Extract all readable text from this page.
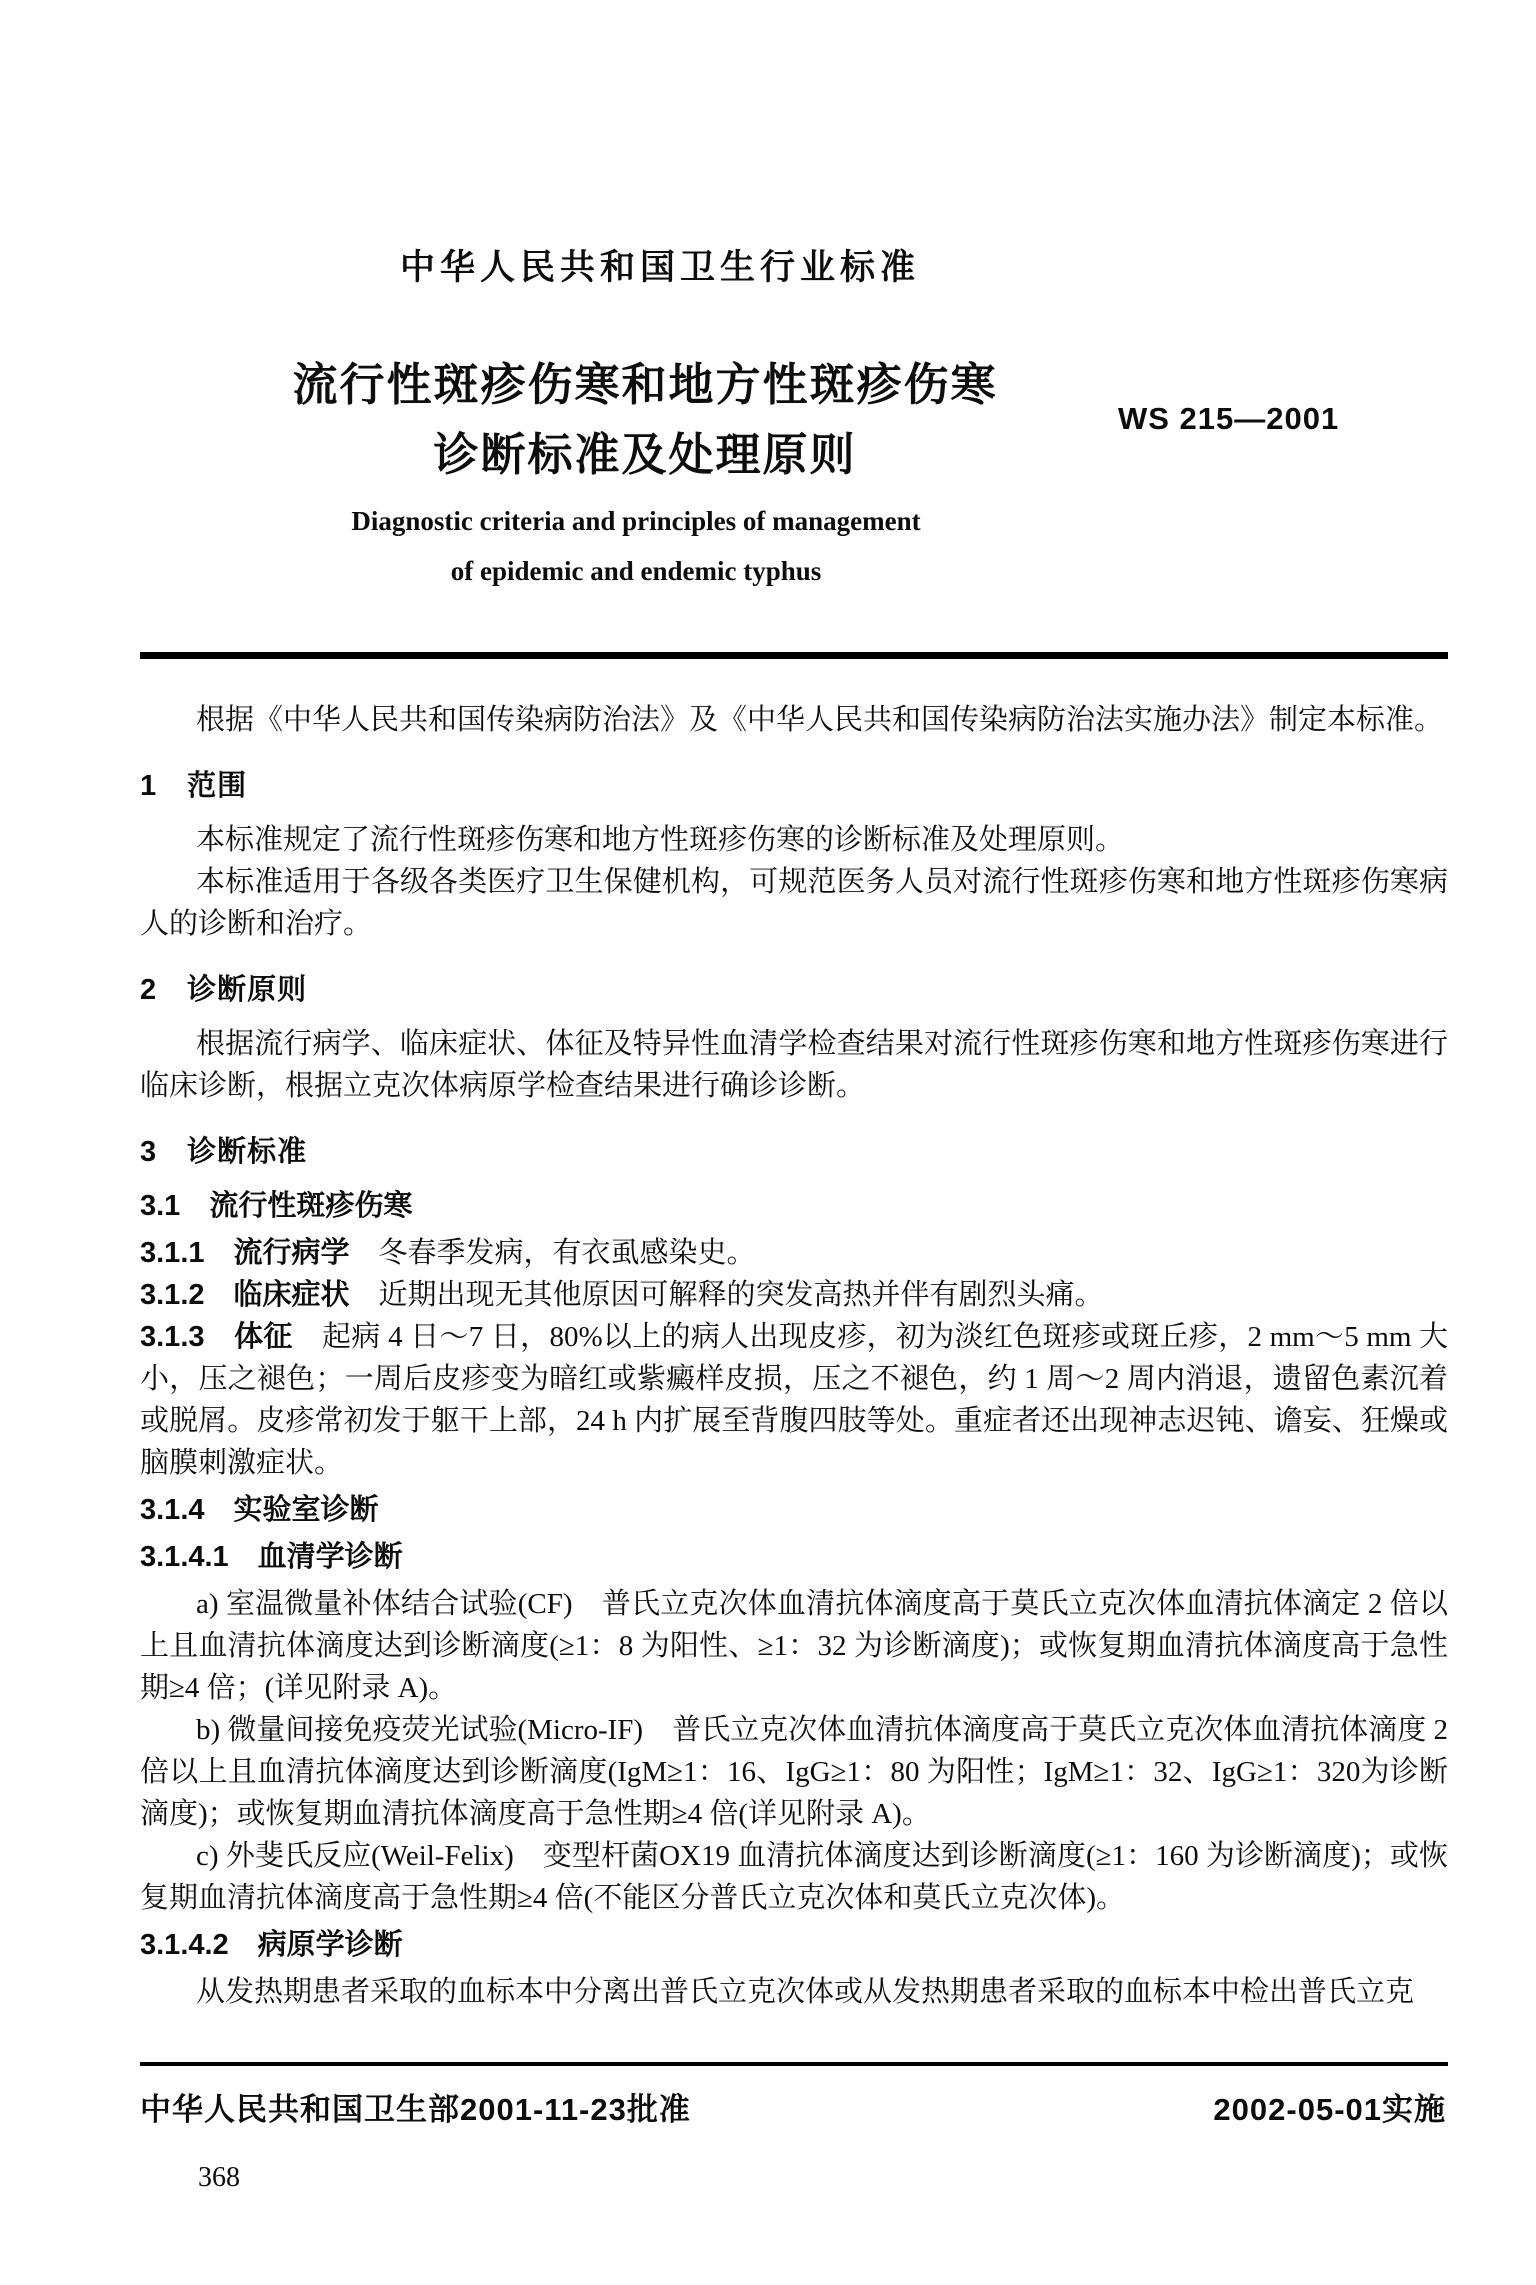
中华人民共和国卫生行业标准
流行性斑疹伤寒和地方性斑疹伤寒
诊断标准及处理原则
WS 215—2001
Diagnostic criteria and principles of management
of epidemic and endemic typhus

根据《中华人民共和国传染病防治法》及《中华人民共和国传染病防治法实施办法》制定本标准。

1　范围

本标准规定了流行性斑疹伤寒和地方性斑疹伤寒的诊断标准及处理原则。

本标准适用于各级各类医疗卫生保健机构，可规范医务人员对流行性斑疹伤寒和地方性斑疹伤寒病人的诊断和治疗。

2　诊断原则

根据流行病学、临床症状、体征及特异性血清学检查结果对流行性斑疹伤寒和地方性斑疹伤寒进行临床诊断，根据立克次体病原学检查结果进行确诊诊断。

3　诊断标准

3.1　流行性斑疹伤寒

3.1.1　流行病学　冬春季发病，有衣虱感染史。

3.1.2　临床症状　近期出现无其他原因可解释的突发高热并伴有剧烈头痛。

3.1.3　体征　起病 4 日～7 日，80%以上的病人出现皮疹，初为淡红色斑疹或斑丘疹，2 mm～5 mm 大小，压之褪色；一周后皮疹变为暗红或紫癜样皮损，压之不褪色，约 1 周～2 周内消退，遗留色素沉着或脱屑。皮疹常初发于躯干上部，24 h 内扩展至背腹四肢等处。重症者还出现神志迟钝、谵妄、狂燥或脑膜刺激症状。

3.1.4　实验室诊断

3.1.4.1　血清学诊断

a) 室温微量补体结合试验(CF)　普氏立克次体血清抗体滴度高于莫氏立克次体血清抗体滴定 2 倍以上且血清抗体滴度达到诊断滴度(≥1：8 为阳性、≥1：32 为诊断滴度)；或恢复期血清抗体滴度高于急性期≥4 倍；(详见附录 A)。

b) 微量间接免疫荧光试验(Micro-IF)　普氏立克次体血清抗体滴度高于莫氏立克次体血清抗体滴度 2 倍以上且血清抗体滴度达到诊断滴度(IgM≥1：16、IgG≥1：80 为阳性；IgM≥1：32、IgG≥1：320为诊断滴度)；或恢复期血清抗体滴度高于急性期≥4 倍(详见附录 A)。

c) 外斐氏反应(Weil-Felix)　变型杆菌OX19 血清抗体滴度达到诊断滴度(≥1：160 为诊断滴度)；或恢复期血清抗体滴度高于急性期≥4 倍(不能区分普氏立克次体和莫氏立克次体)。

3.1.4.2　病原学诊断

从发热期患者采取的血标本中分离出普氏立克次体或从发热期患者采取的血标本中检出普氏立克

中华人民共和国卫生部2001-11-23批准	2002-05-01实施
368
